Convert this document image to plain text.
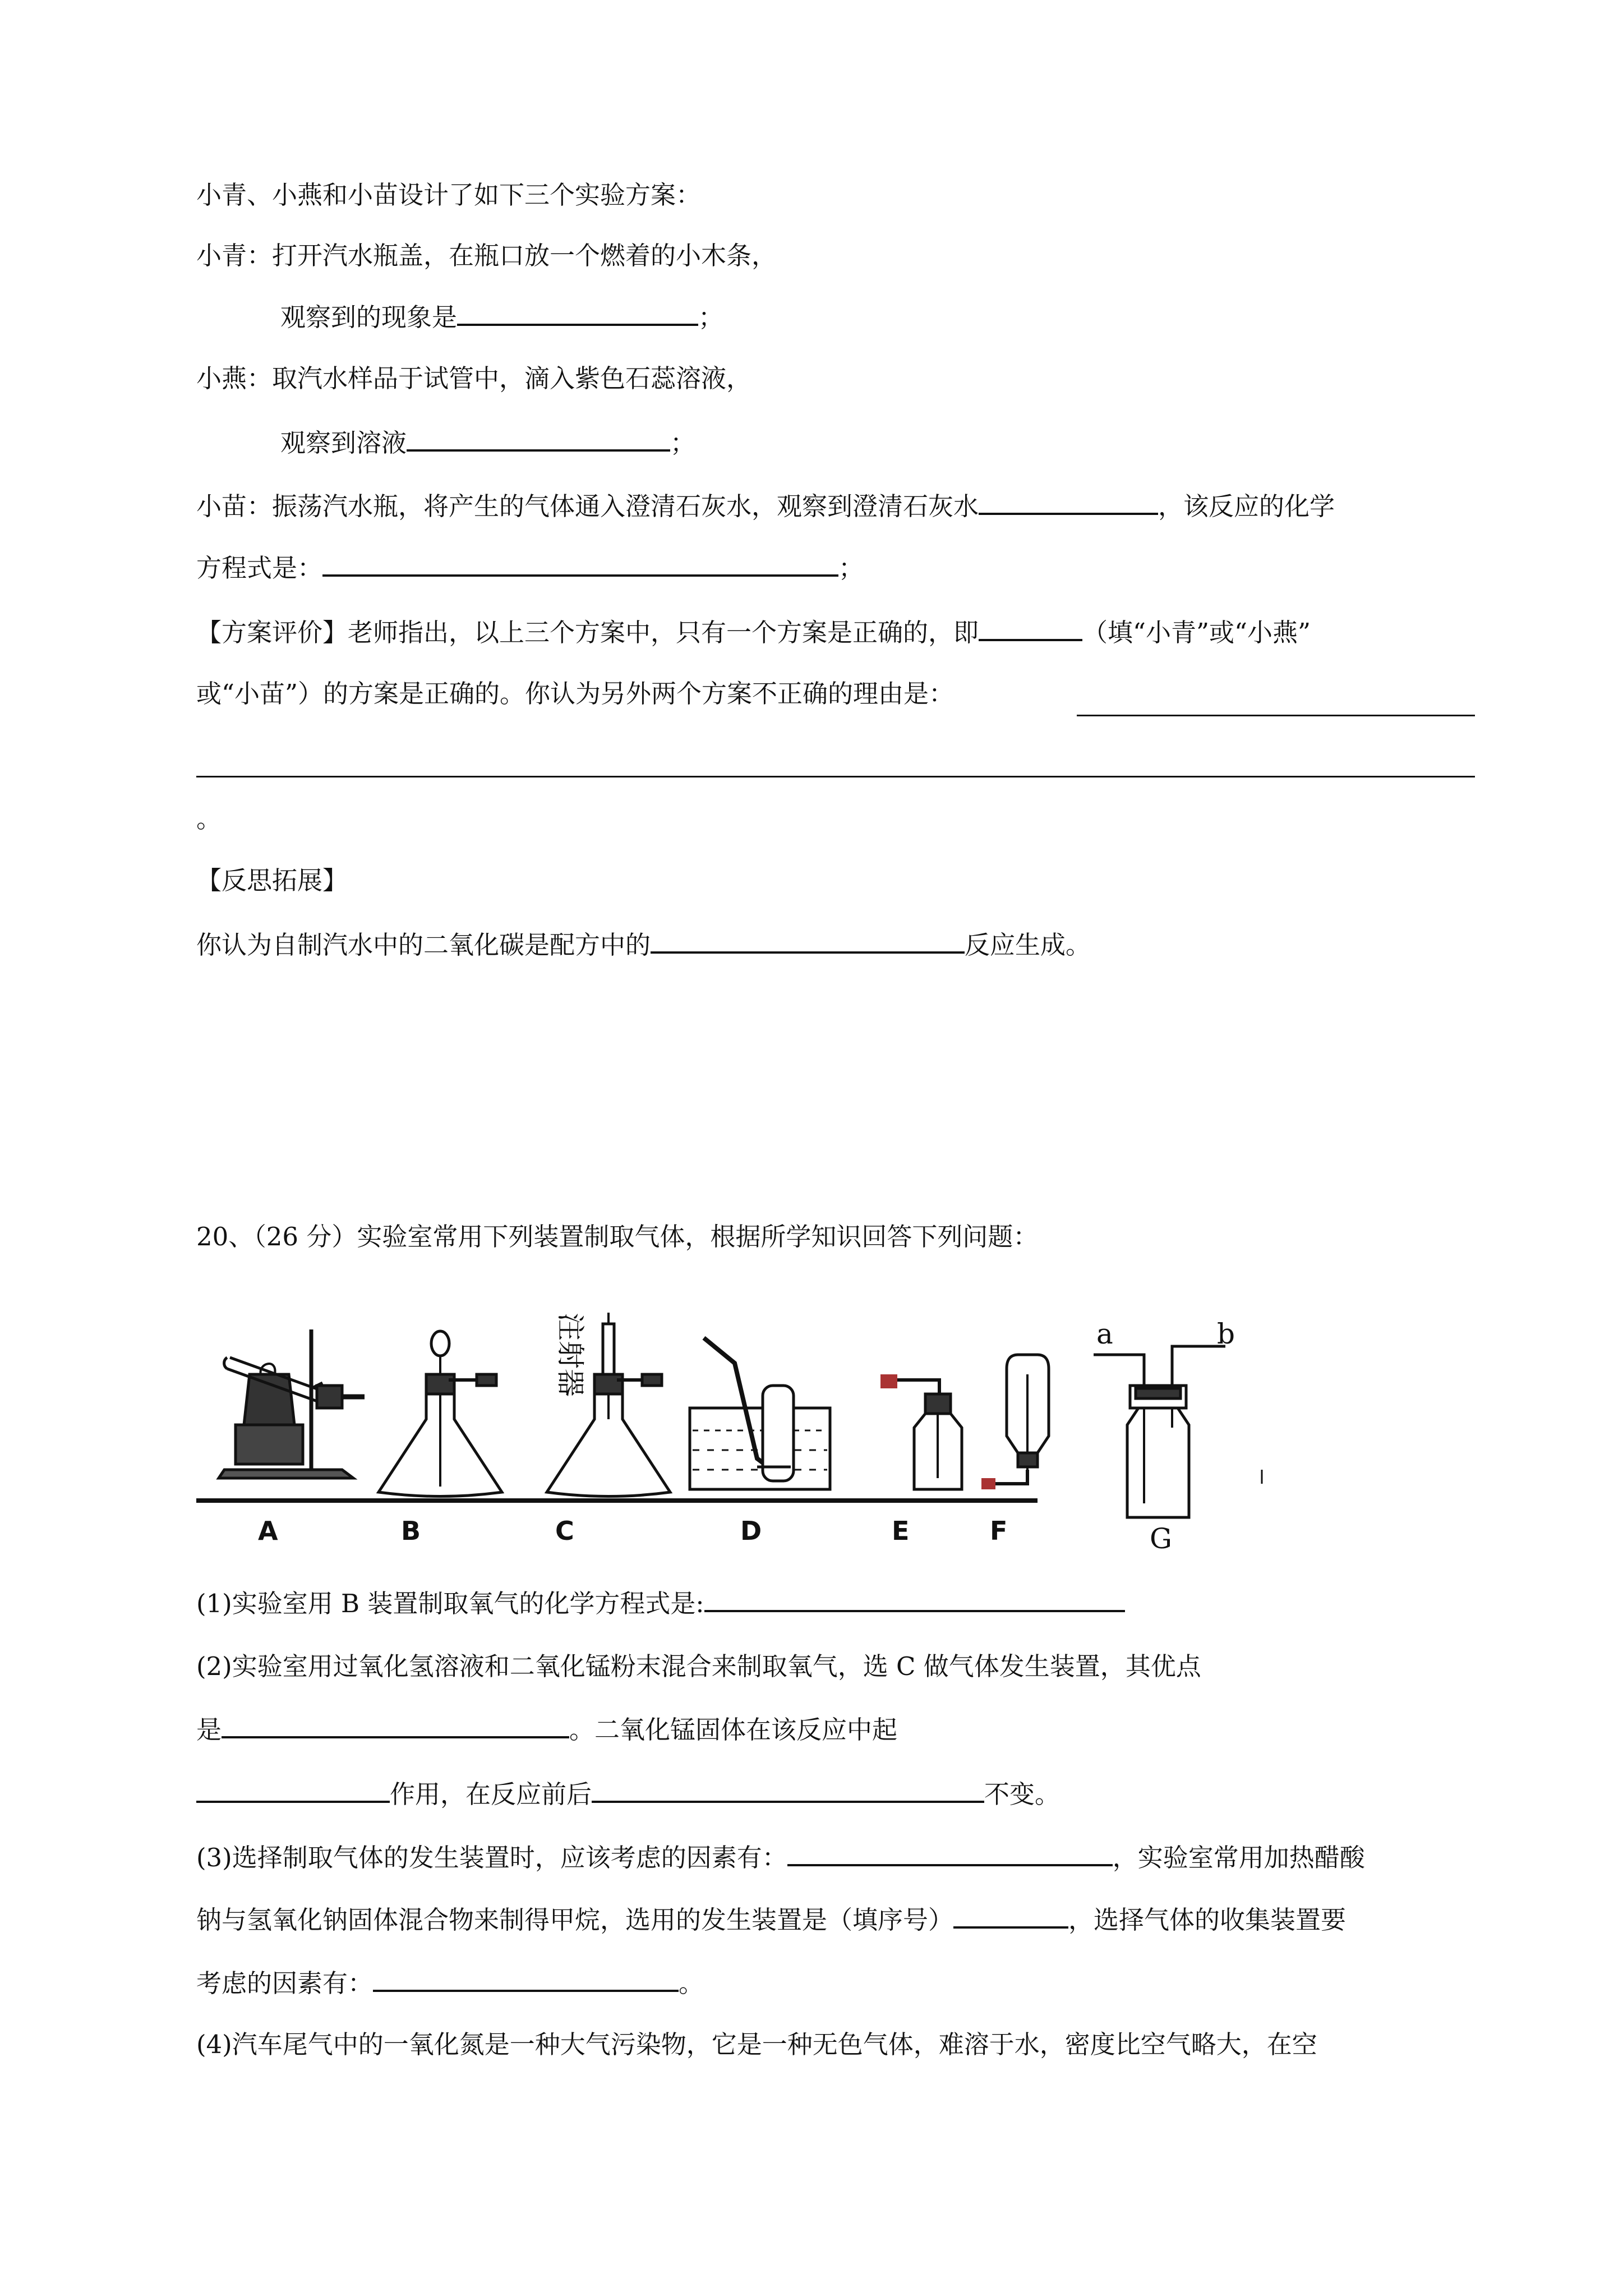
小青、小燕和小苗设计了如下三个实验方案：
小青：打开汽水瓶盖，在瓶口放一个燃着的小木条，
观察到的现象是	；
小燕：取汽水样品于试管中，滴入紫色石蕊溶液，
观察到溶液	；
小苗：振荡汽水瓶，将产生的气体通入澄清石灰水，观察到澄清石灰水	，该反应的化学
方程式是：	；
【方案评价】老师指出，以上三个方案中，只有一个方案是正确的，即	（填“小青”或“小燕”
或“小苗”）的方案是正确的。你认为另外两个方案不正确的理由是：
。
【反思拓展】
你认为自制汽水中的二氧化碳是配方中的	反应生成。
20、（26 分）实验室常用下列装置制取气体，根据所学知识回答下列问题：
注射器	a	b
A	B	C	D	E	F	G
(1)实验室用 B 装置制取氧气的化学方程式是:
(2)实验室用过氧化氢溶液和二氧化锰粉末混合来制取氧气，选 C 做气体发生装置，其优点
是	。二氧化锰固体在该反应中起
作用，在反应前后	不变。
(3)选择制取气体的发生装置时，应该考虑的因素有：	，实验室常用加热醋酸
钠与氢氧化钠固体混合物来制得甲烷，选用的发生装置是（填序号）	，选择气体的收集装置要
考虑的因素有：	。
(4)汽车尾气中的一氧化氮是一种大气污染物，它是一种无色气体，难溶于水，密度比空气略大，在空
